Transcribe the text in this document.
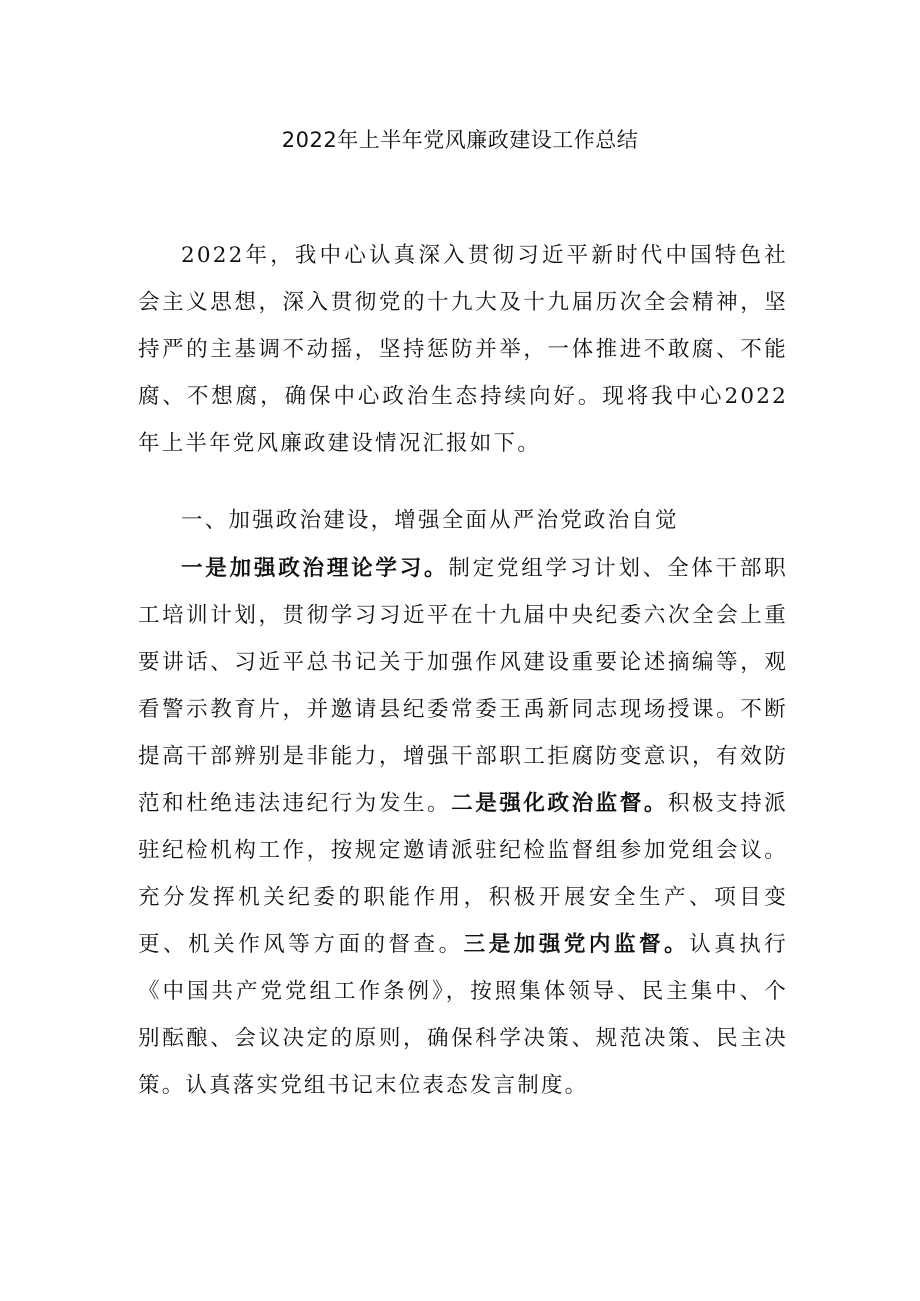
2022年上半年党风廉政建设工作总结

2022年，我中心认真深入贯彻习近平新时代中国特色社会主义思想，深入贯彻党的十九大及十九届历次全会精神，坚持严的主基调不动摇，坚持惩防并举，一体推进不敢腐、不能腐、不想腐，确保中心政治生态持续向好。现将我中心2022年上半年党风廉政建设情况汇报如下。

一、加强政治建设，增强全面从严治党政治自觉

一是加强政治理论学习。制定党组学习计划、全体干部职工培训计划，贯彻学习习近平在十九届中央纪委六次全会上重要讲话、习近平总书记关于加强作风建设重要论述摘编等，观看警示教育片，并邀请县纪委常委王禹新同志现场授课。不断提高干部辨别是非能力，增强干部职工拒腐防变意识，有效防范和杜绝违法违纪行为发生。二是强化政治监督。积极支持派驻纪检机构工作，按规定邀请派驻纪检监督组参加党组会议。充分发挥机关纪委的职能作用，积极开展安全生产、项目变更、机关作风等方面的督查。三是加强党内监督。认真执行《中国共产党党组工作条例》，按照集体领导、民主集中、个别酝酿、会议决定的原则，确保科学决策、规范决策、民主决策。认真落实党组书记末位表态发言制度。
